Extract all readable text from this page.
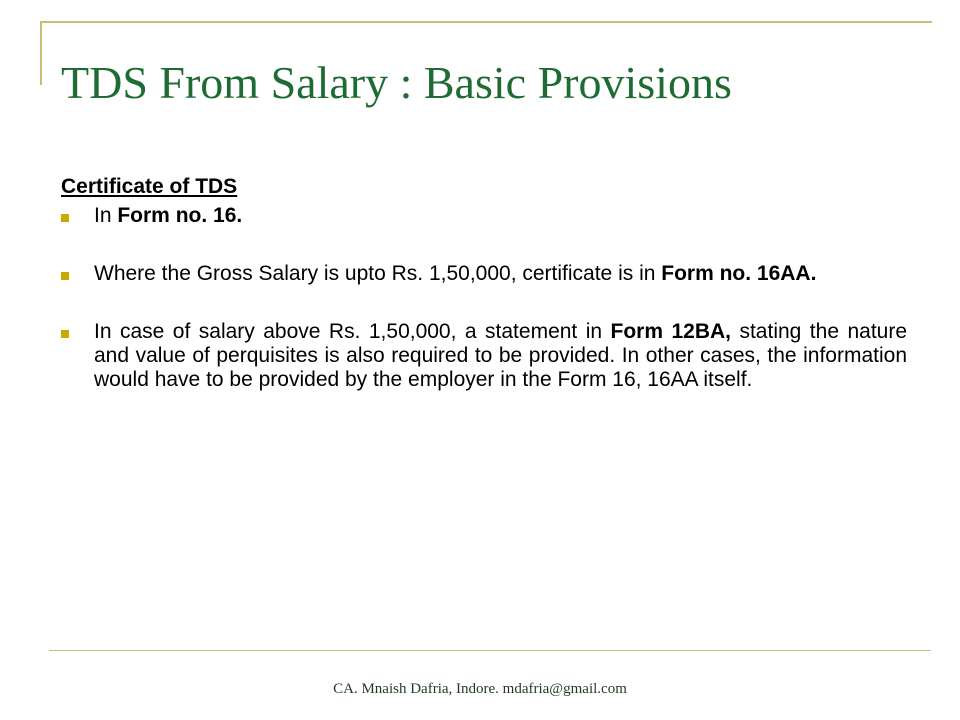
TDS From Salary : Basic Provisions
Certificate of TDS
In Form no. 16.
Where the Gross Salary is upto Rs. 1,50,000, certificate is in Form no. 16AA.
In case of salary above Rs. 1,50,000, a statement in Form 12BA, stating the nature and value of perquisites is also required to be provided. In other cases, the information would have to be provided by the employer in the Form 16, 16AA itself.
CA. Mnaish Dafria, Indore. mdafria@gmail.com
